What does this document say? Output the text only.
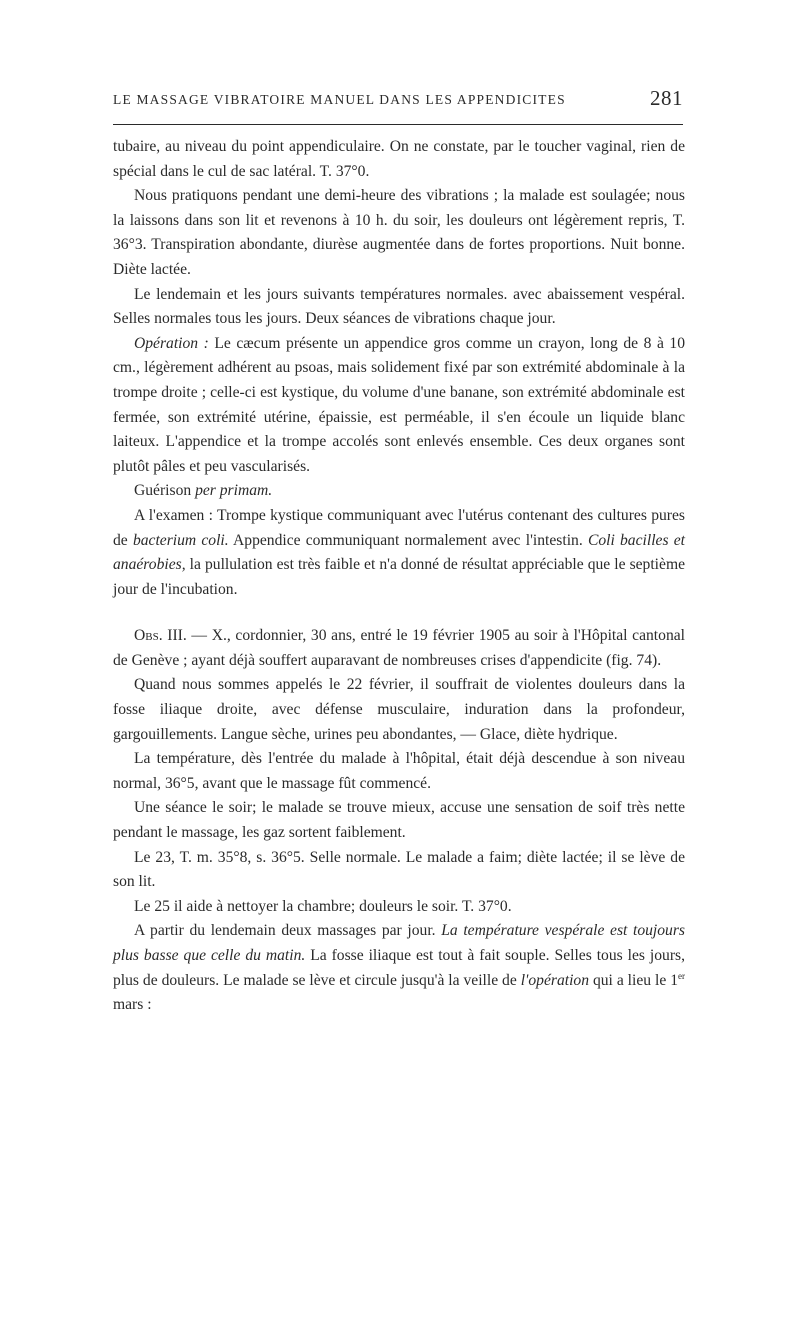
LE MASSAGE VIBRATOIRE MANUEL DANS LES APPENDICITES	281

tubaire, au niveau du point appendiculaire. On ne constate, par le toucher vaginal, rien de spécial dans le cul de sac latéral. T. 37°0.

Nous pratiquons pendant une demi-heure des vibrations ; la malade est soulagée; nous la laissons dans son lit et revenons à 10 h. du soir, les douleurs ont légèrement repris, T. 36°3. Transpiration abondante, diurèse augmentée dans de fortes proportions. Nuit bonne. Diète lactée.

Le lendemain et les jours suivants températures normales. avec abaissement vespéral. Selles normales tous les jours. Deux séances de vibrations chaque jour.

Opération : Le cæcum présente un appendice gros comme un crayon, long de 8 à 10 cm., légèrement adhérent au psoas, mais solidement fixé par son extrémité abdominale à la trompe droite ; celle-ci est kystique, du volume d'une banane, son extrémité abdominale est fermée, son extrémité utérine, épaissie, est perméable, il s'en écoule un liquide blanc laiteux. L'appendice et la trompe accolés sont enlevés ensemble. Ces deux organes sont plutôt pâles et peu vascularisés.

Guérison per primam.

A l'examen : Trompe kystique communiquant avec l'utérus contenant des cultures pures de bacterium coli. Appendice communiquant normalement avec l'intestin. Coli bacilles et anaérobies, la pullulation est très faible et n'a donné de résultat appréciable que le septième jour de l'incubation.

Obs. III. — X., cordonnier, 30 ans, entré le 19 février 1905 au soir à l'Hôpital cantonal de Genève ; ayant déjà souffert auparavant de nombreuses crises d'appendicite (fig. 74).

Quand nous sommes appelés le 22 février, il souffrait de violentes douleurs dans la fosse iliaque droite, avec défense musculaire, induration dans la profondeur, gargouillements. Langue sèche, urines peu abondantes, — Glace, diète hydrique.

La température, dès l'entrée du malade à l'hôpital, était déjà descendue à son niveau normal, 36°5, avant que le massage fût commencé.

Une séance le soir; le malade se trouve mieux, accuse une sensation de soif très nette pendant le massage, les gaz sortent faiblement.

Le 23, T. m. 35°8, s. 36°5. Selle normale. Le malade a faim; diète lactée; il se lève de son lit.

Le 25 il aide à nettoyer la chambre; douleurs le soir. T. 37°0.

A partir du lendemain deux massages par jour. La température vespérale est toujours plus basse que celle du matin. La fosse iliaque est tout à fait souple. Selles tous les jours, plus de douleurs. Le malade se lève et circule jusqu'à la veille de l'opération qui a lieu le 1er mars :
